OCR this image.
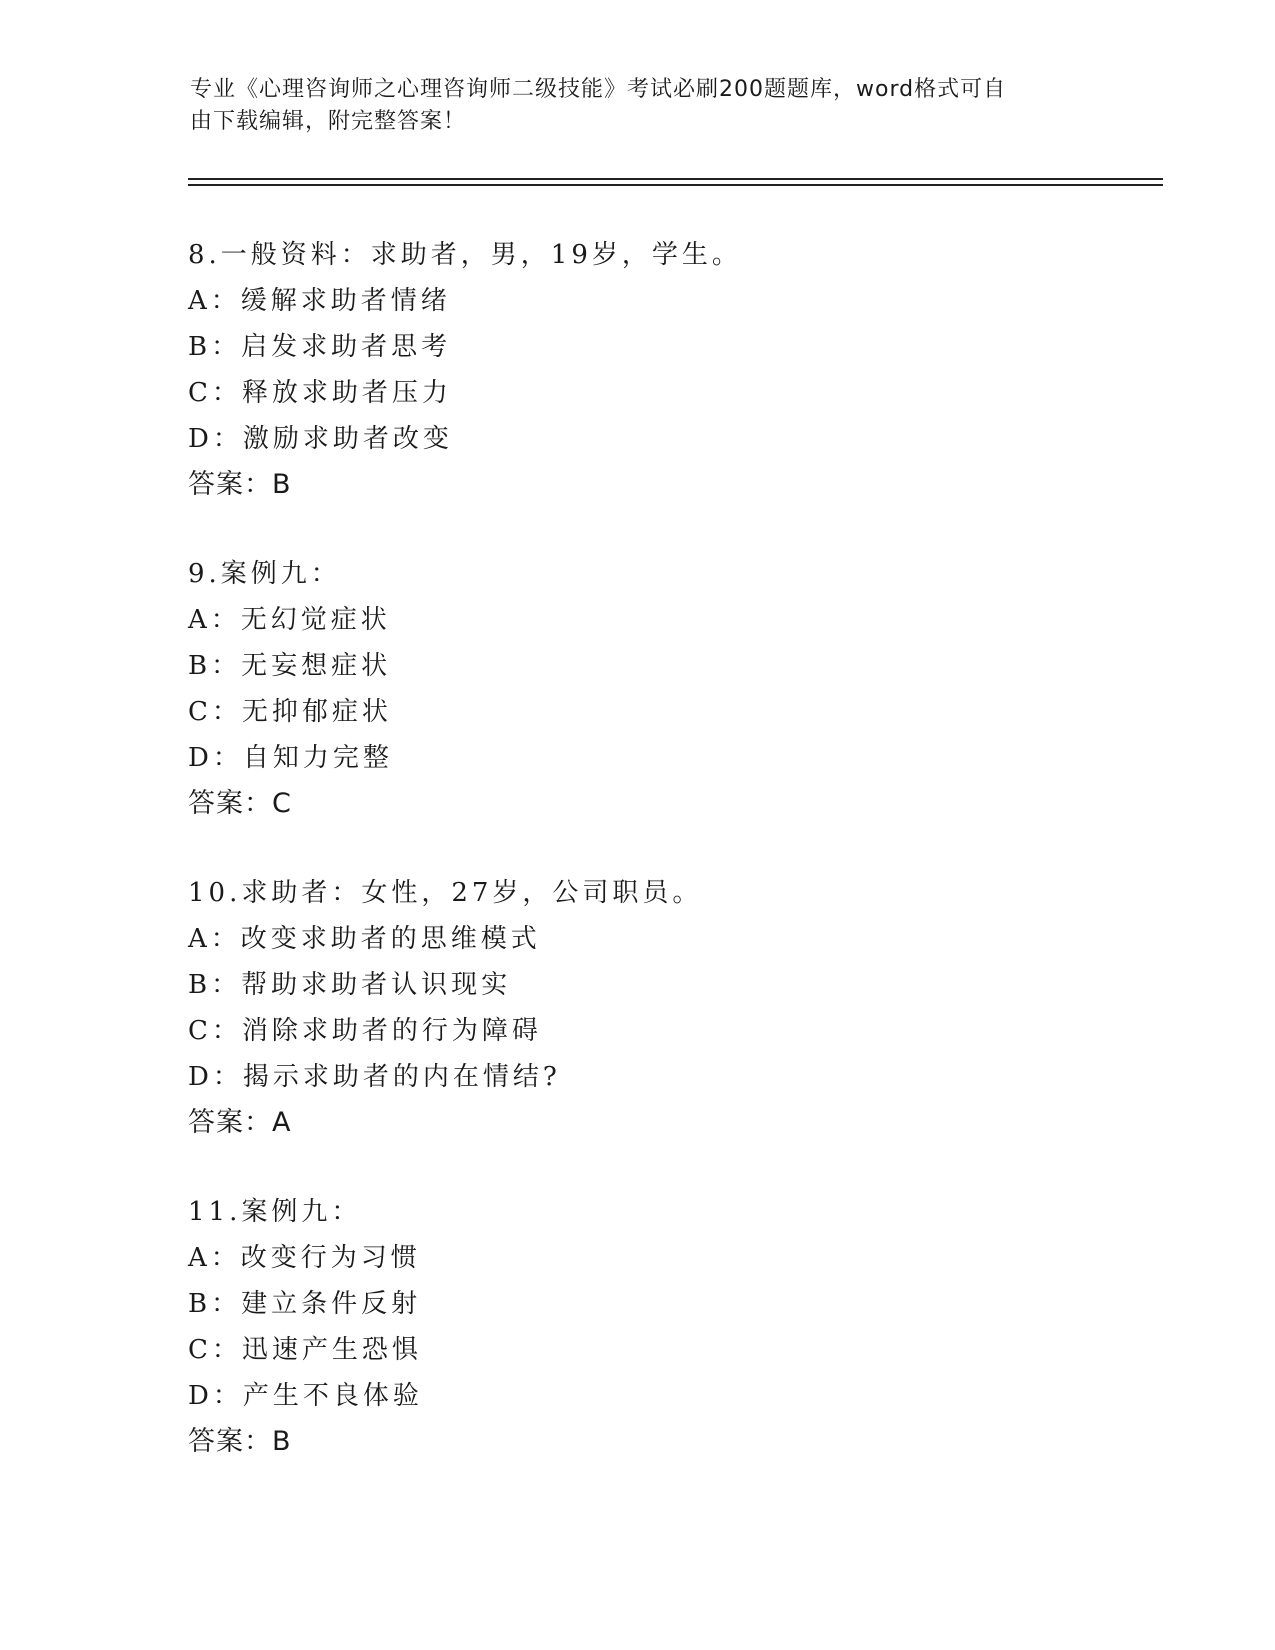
专业《心理咨询师之心理咨询师二级技能》考试必刷200题题库，word格式可自
由下载编辑，附完整答案！
8.一般资料：求助者，男，19岁，学生。
A：缓解求助者情绪
B：启发求助者思考
C：释放求助者压力
D：激励求助者改变
答案：B
9.案例九：
A：无幻觉症状
B：无妄想症状
C：无抑郁症状
D：自知力完整
答案：C
10.求助者：女性，27岁，公司职员。
A：改变求助者的思维模式
B：帮助求助者认识现实
C：消除求助者的行为障碍
D：揭示求助者的内在情结?
答案：A
11.案例九：
A：改变行为习惯
B：建立条件反射
C：迅速产生恐惧
D：产生不良体验
答案：B
